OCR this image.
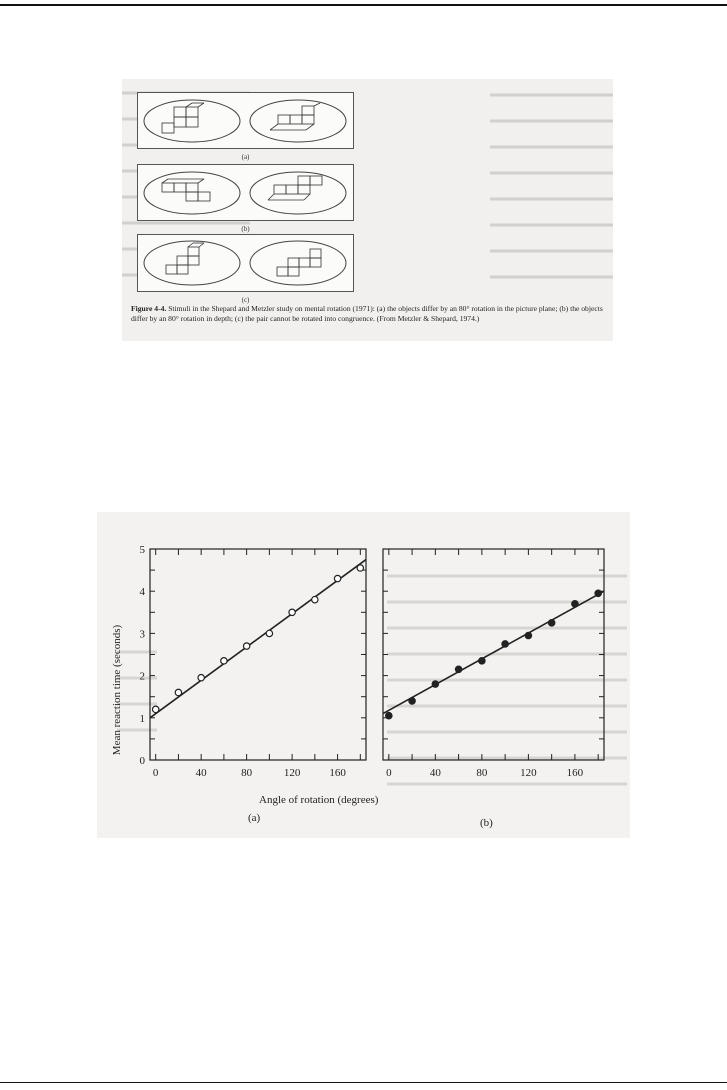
(a)
(b)
(c)
Figure 4-4. Stimuli in the Shepard and Metzler study on mental rotation (1971): (a) the objects differ by an 80° rotation in the picture plane; (b) the objects differ by an 80° rotation in depth; (c) the pair cannot be rotated into congruence. (From Metzler & Shepard, 1974.)
0
1
2
3
4
5
0	40	80	120	160	0	40	80	120	160
Mean reaction time (seconds)
Angle of rotation (degrees)
(a)	(b)
